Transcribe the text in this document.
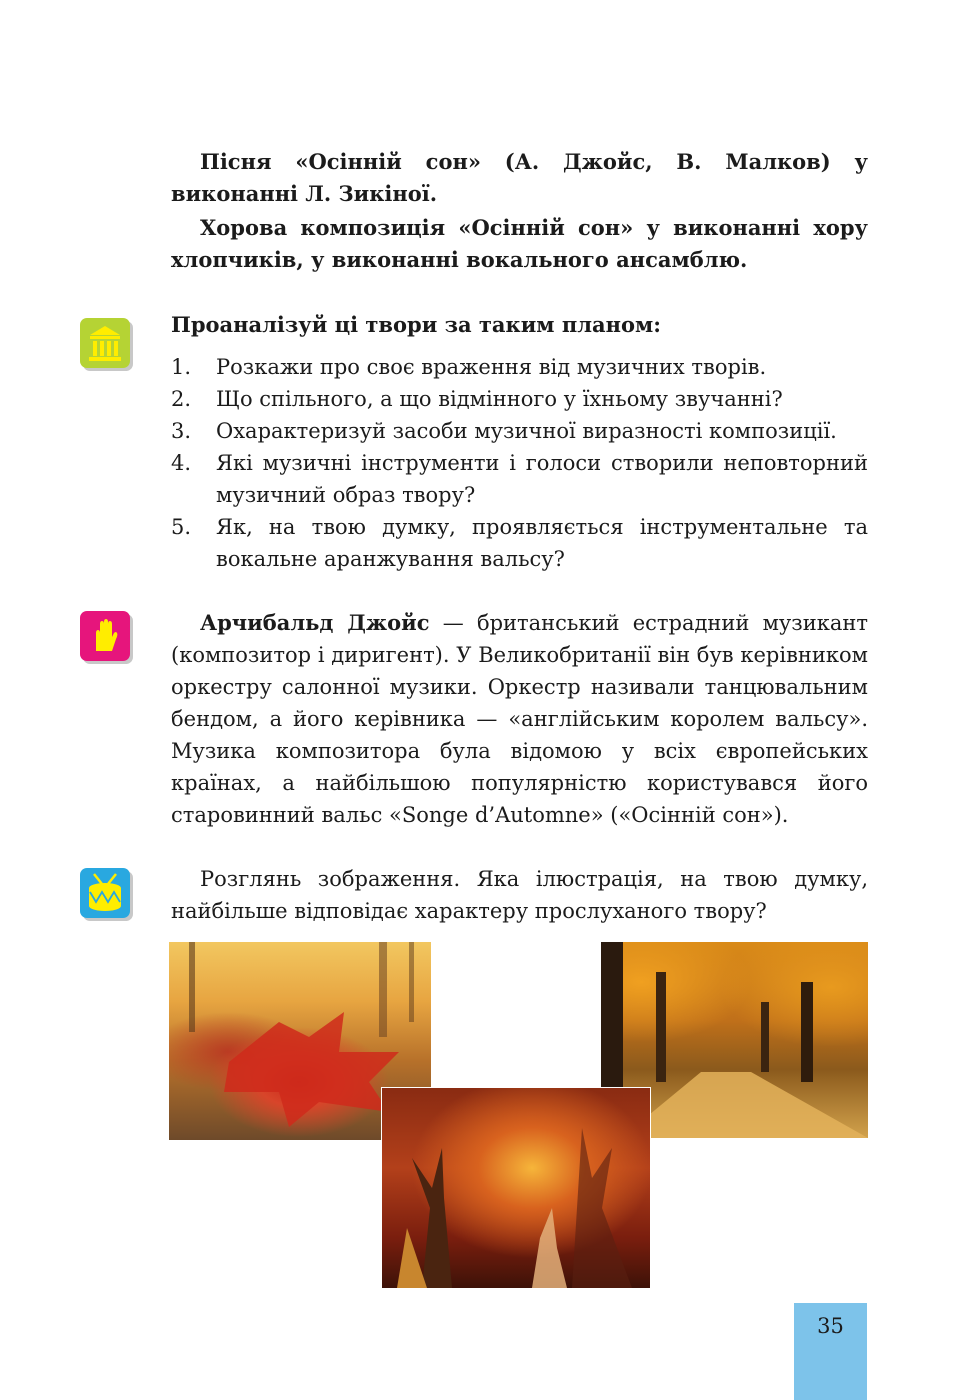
Пісня «Осінній сон» (А. Джойс, В. Малков) у виконанні Л. Зикіної.

Хорова композиція «Осінній сон» у виконанні хору хлопчиків, у виконанні вокального ансамблю.

Проаналізуй ці твори за таким планом:

1. Розкажи про своє враження від музичних творів.
2. Що спільного, а що відмінного у їхньому звучанні?
3. Охарактеризуй засоби музичної виразності композиції.
4. Які музичні інструменти і голоси створили неповторний музичний образ твору?
5. Як, на твою думку, проявляється інструментальне та вокальне аранжування вальсу?

Арчибальд Джойс — британський естрадний музикант (композитор і диригент). У Великобританії він був керівником оркестру салонної музики. Оркестр називали танцювальним бендом, а його керівника — «англійським королем вальсу». Музика композитора була відомою у всіх європейських країнах, а найбільшою популярністю користувався його старовинний вальс «Songe d’Automne» («Осінній сон»).

Розглянь зображення. Яка ілюстрація, на твою думку, найбільше відповідає характеру прослуханого твору?

35
